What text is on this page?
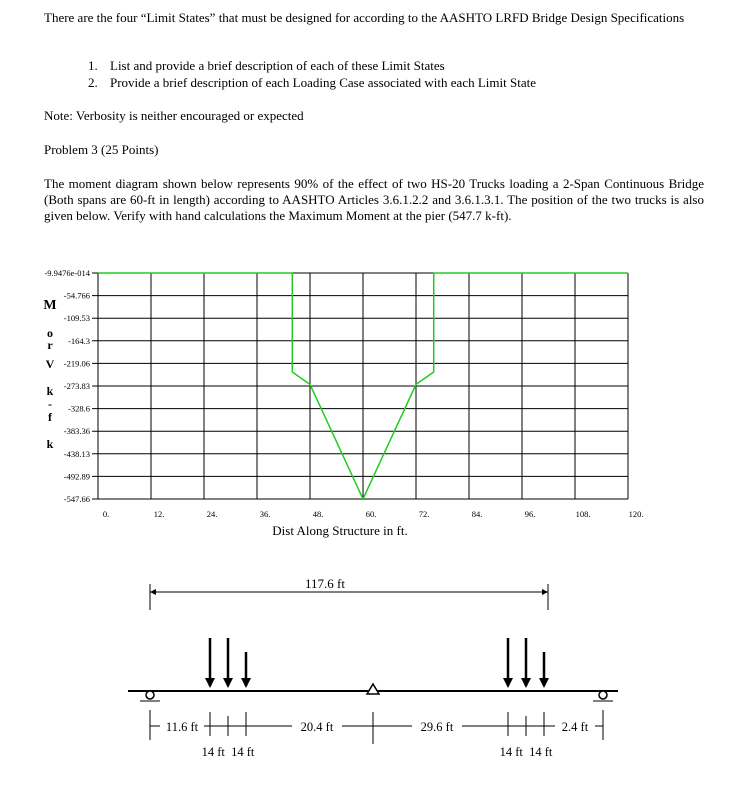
There are the four “Limit States” that must be designed for according to the AASHTO LRFD Bridge Design Specifications
1. List and provide a brief description of each of these Limit States
2. Provide a brief description of each Loading Case associated with each Limit State
Note: Verbosity is neither encouraged or expected
Problem 3 (25 Points)
The moment diagram shown below represents 90% of the effect of two HS-20 Trucks loading a 2-Span Continuous Bridge (Both spans are 60-ft in length) according to AASHTO Articles 3.6.1.2.2 and 3.6.1.3.1. The position of the two trucks is also given below. Verify with hand calculations the Maximum Moment at the pier (547.7 k-ft).
-9.9476e-014
-54.766
-109.53
-164.3
-219.06
-273.83
-328.6
-383.36
-438.13
-492.89
-547.66
0.	12.	24.	36.	48.	60.	72.	84.	96.	108.	120.
M
o
r
V
k
-
f
k
Dist Along Structure in ft.
117.6 ft
11.6 ft	20.4 ft	29.6 ft	2.4 ft
14 ft  14 ft	14 ft  14 ft
